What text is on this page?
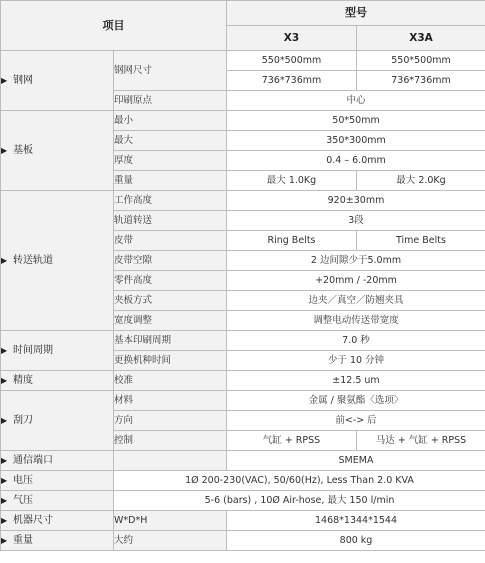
项目		型号	
		X3	X3A
▶ 钢网	钢网尺寸	550*500mm	550*500mm
		736*736mm	736*736mm
	印刷原点	中心	
▶ 基板	最小	50*50mm	
	最大	350*300mm	
	厚度	0.4 – 6.0mm	
	重量	最大 1.0Kg	最大 2.0Kg
▶ 转送轨道	工作高度	920±30mm	
	轨道转送	3段	
	皮带	Ring Belts	Time Belts
	皮带空隙	2 边间隙少于5.0mm	
	零件高度	+20mm / -20mm	
	夹板方式	边夹／真空／防翘夹具	
	宽度调整	调整电动传送带宽度	
▶ 时间周期	基本印刷周期	7.0 秒	
	更换机种时间	少于 10 分钟	
▶ 精度	校准	±12.5 um	
▶ 刮刀	材料	金属 / 聚氨酯〈选项〉	
	方向	前<-> 后	
	控制	气缸 + RPSS	马达 + 气缸 + RPSS
▶ 通信端口		SMEMA	
▶ 电压	1Ø 200-230(VAC), 50/60(Hz), Less Than 2.0 KVA		
▶ 气压	5-6 (bars) , 10Ø Air-hose, 最大 150 l/min		
▶ 机器尺寸	W*D*H	1468*1344*1544	
▶ 重量	大约	800 kg	
